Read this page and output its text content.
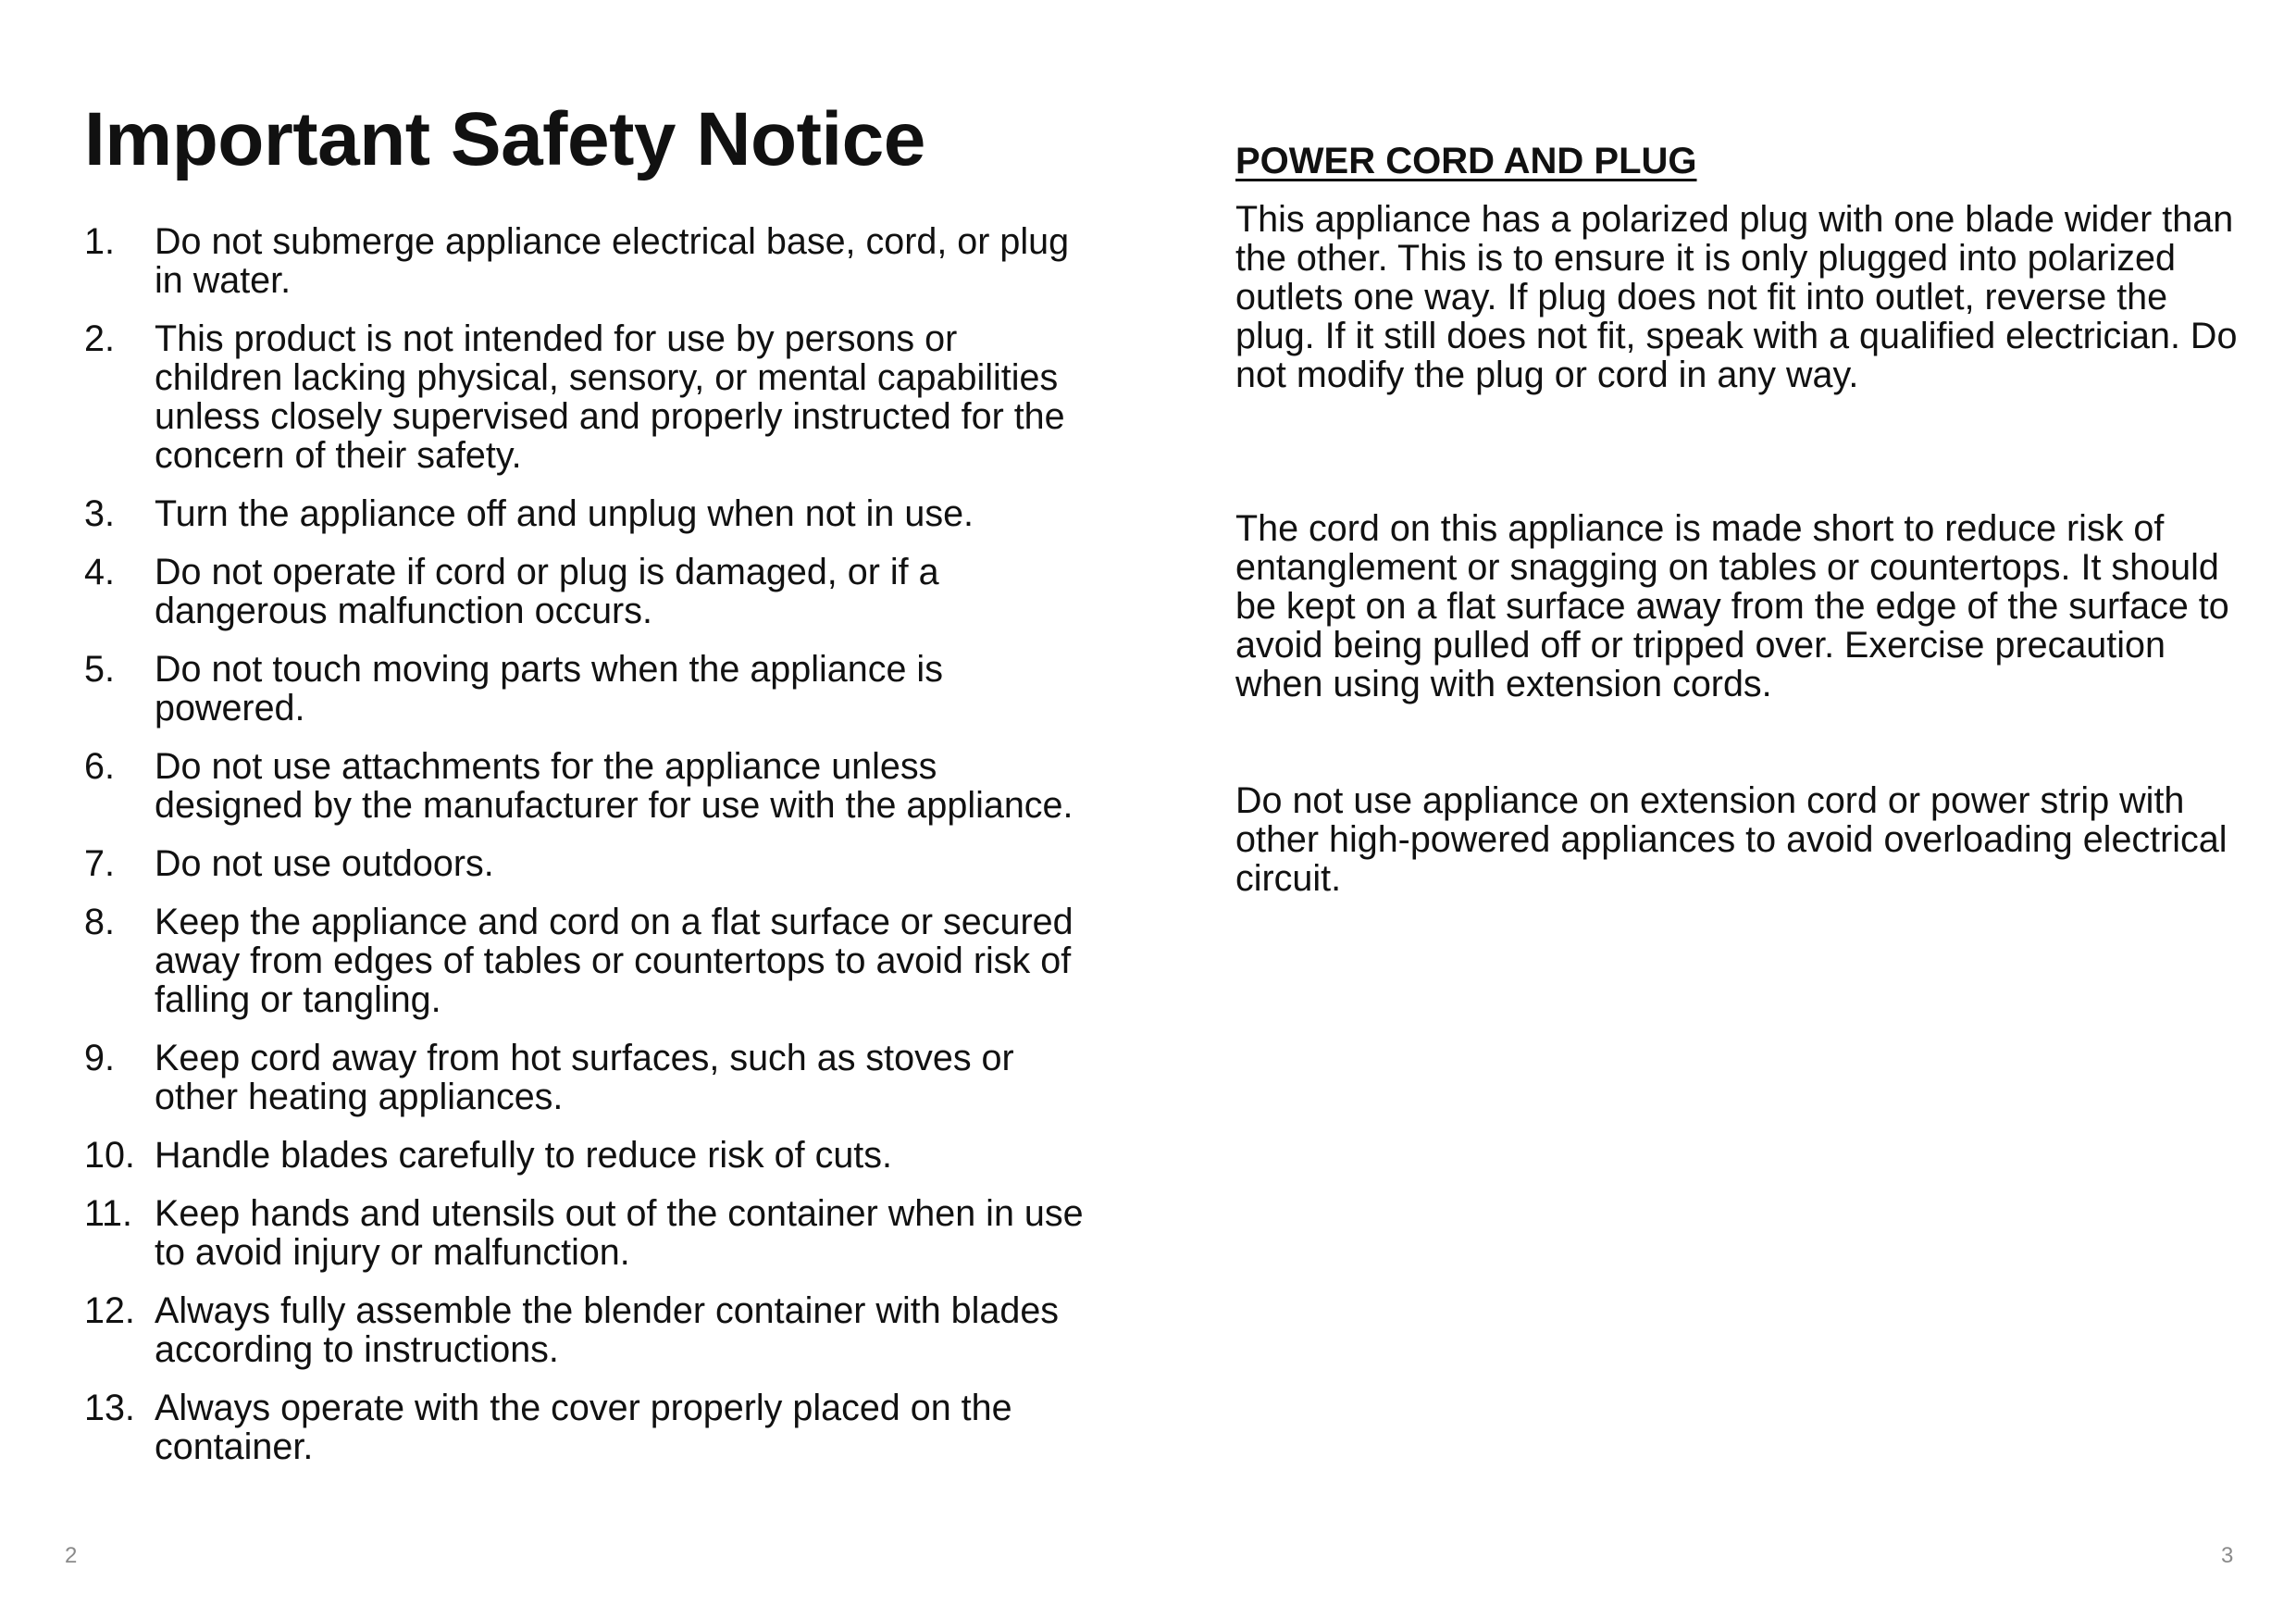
Important Safety Notice
1.	Do not submerge appliance electrical base, cord, or plug in water.
2.	This product is not intended for use by persons or children lacking physical, sensory, or mental capabilities unless closely supervised and properly instructed for the concern of their safety.
3.	Turn the appliance off and unplug when not in use.
4.	Do not operate if cord or plug is damaged, or if a dangerous malfunction occurs.
5.	Do not touch moving parts when the appliance is powered.
6.	Do not use attachments for the appliance unless designed by the manufacturer for use with the appliance.
7.	Do not use outdoors.
8.	Keep the appliance and cord on a flat surface or secured away from edges of tables or countertops to avoid risk of falling or tangling.
9.	Keep cord away from hot surfaces, such as stoves or other heating appliances.
10. Handle blades carefully to reduce risk of cuts.
11. Keep hands and utensils out of the container when in use to avoid injury or malfunction.
12. Always fully assemble the blender container with blades according to instructions.
13. Always operate with the cover properly placed on the container.
2
POWER CORD AND PLUG

This appliance has a polarized plug with one blade wider than the other. This is to ensure it is only plugged into polarized outlets one way. If plug does not fit into outlet, reverse the plug. If it still does not fit, speak with a qualified electrician. Do not modify the plug or cord in any way.

The cord on this appliance is made short to reduce risk of entanglement or snagging on tables or countertops. It should be kept on a flat surface away from the edge of the surface to avoid being pulled off or tripped over. Exercise precaution when using with extension cords.

Do not use appliance on extension cord or power strip with other high-powered appliances to avoid overloading electrical circuit.

3
